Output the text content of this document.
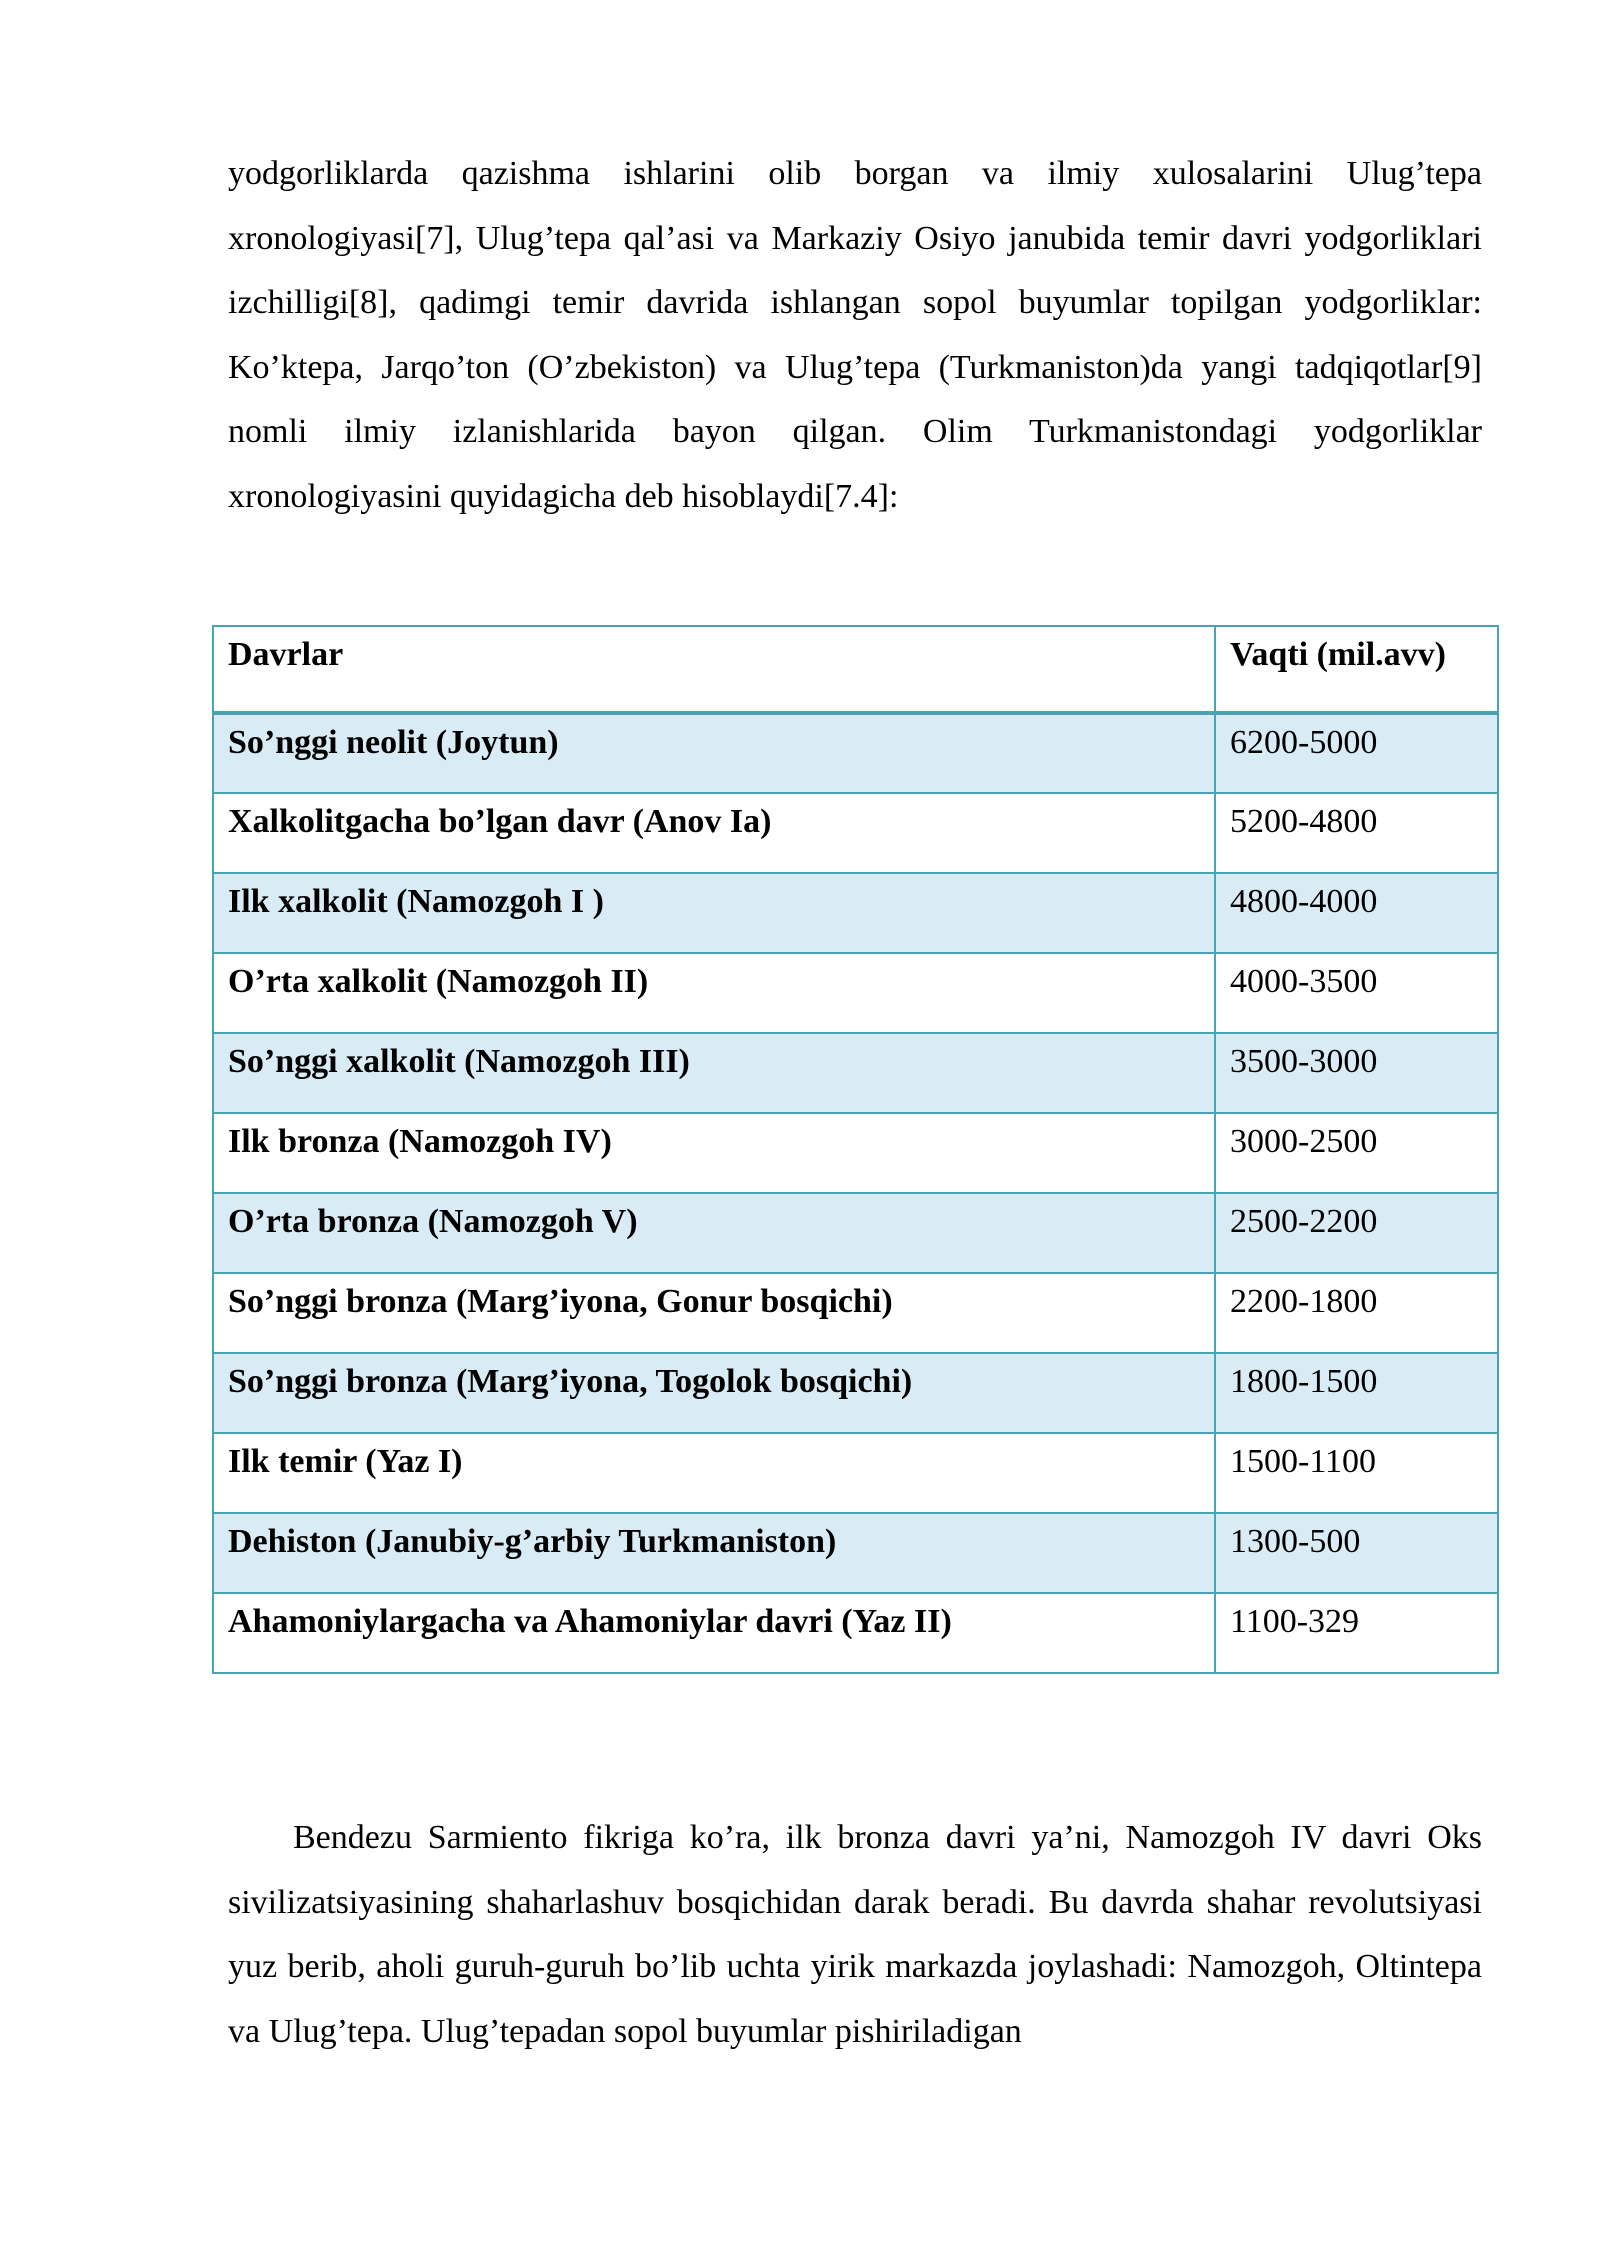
yodgorliklarda qazishma ishlarini olib borgan va ilmiy xulosalarini Ulug’tepa xronologiyasi[7], Ulug’tepa qal’asi va Markaziy Osiyo janubida temir davri yodgorliklari izchilligi[8], qadimgi temir davrida ishlangan sopol buyumlar topilgan yodgorliklar: Ko’ktepa, Jarqo’ton (O’zbekiston) va Ulug’tepa (Turkmaniston)da yangi tadqiqotlar[9] nomli ilmiy izlanishlarida bayon qilgan. Olim Turkmanistondagi yodgorliklar xronologiyasini quyidagicha deb hisoblaydi[7.4]:

Davrlar	Vaqti (mil.avv)
So’nggi neolit (Joytun)	6200-5000
Xalkolitgacha bo’lgan davr (Anov Ia)	5200-4800
Ilk xalkolit (Namozgoh I )	4800-4000
O’rta xalkolit (Namozgoh II)	4000-3500
So’nggi xalkolit (Namozgoh III)	3500-3000
Ilk bronza (Namozgoh IV)	3000-2500
O’rta bronza (Namozgoh V)	2500-2200
So’nggi bronza (Marg’iyona, Gonur bosqichi)	2200-1800
So’nggi bronza (Marg’iyona, Togolok bosqichi)	1800-1500
Ilk temir (Yaz I)	1500-1100
Dehiston (Janubiy-g’arbiy Turkmaniston)	1300-500
Ahamoniylargacha va Ahamoniylar davri (Yaz II)	1100-329

Bendezu Sarmiento fikriga ko’ra, ilk bronza davri ya’ni, Namozgoh IV davri Oks sivilizatsiyasining shaharlashuv bosqichidan darak beradi. Bu davrda shahar revolutsiyasi yuz berib, aholi guruh-guruh bo’lib uchta yirik markazda joylashadi: Namozgoh, Oltintepa va Ulug’tepa. Ulug’tepadan sopol buyumlar pishiriladigan
